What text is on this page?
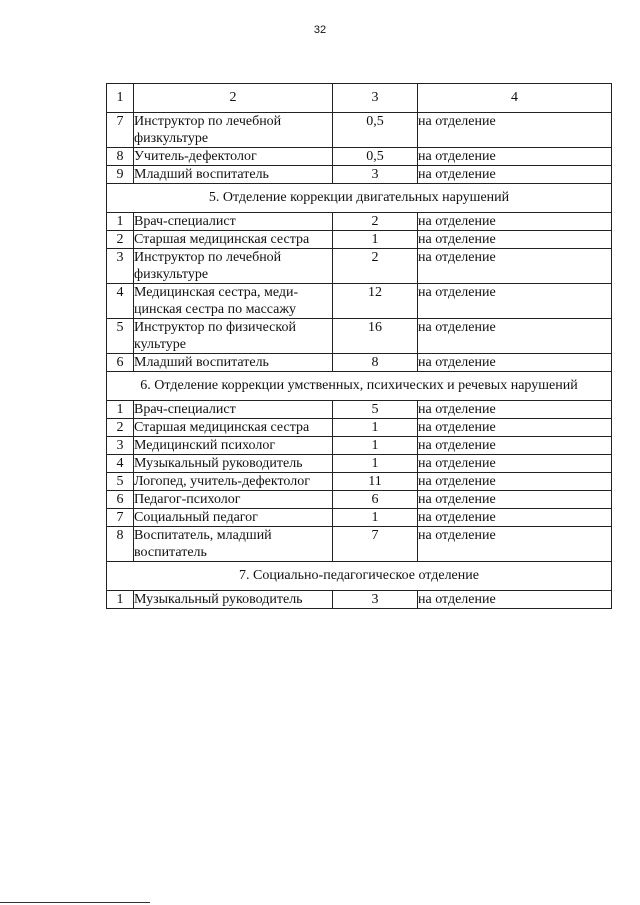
32
1	2	3	4
7	Инструктор по лечебной физкультуре	0,5	на отделение
8	Учитель-дефектолог	0,5	на отделение
9	Младший воспитатель	3	на отделение
5. Отделение коррекции двигательных нарушений			
1	Врач-специалист	2	на отделение
2	Старшая медицинская сестра	1	на отделение
3	Инструктор по лечебной физкультуре	2	на отделение
4	Медицинская сестра, меди-цинская сестра по массажу	12	на отделение
5	Инструктор по физической культуре	16	на отделение
6	Младший воспитатель	8	на отделение
6. Отделение коррекции умственных, психических и речевых нарушений			
1	Врач-специалист	5	на отделение
2	Старшая медицинская сестра	1	на отделение
3	Медицинский психолог	1	на отделение
4	Музыкальный руководитель	1	на отделение
5	Логопед, учитель-дефектолог	11	на отделение
6	Педагог-психолог	6	на отделение
7	Социальный педагог	1	на отделение
8	Воспитатель, младший воспитатель	7	на отделение
7. Социально-педагогическое отделение			
1	Музыкальный руководитель	3	на отделение
